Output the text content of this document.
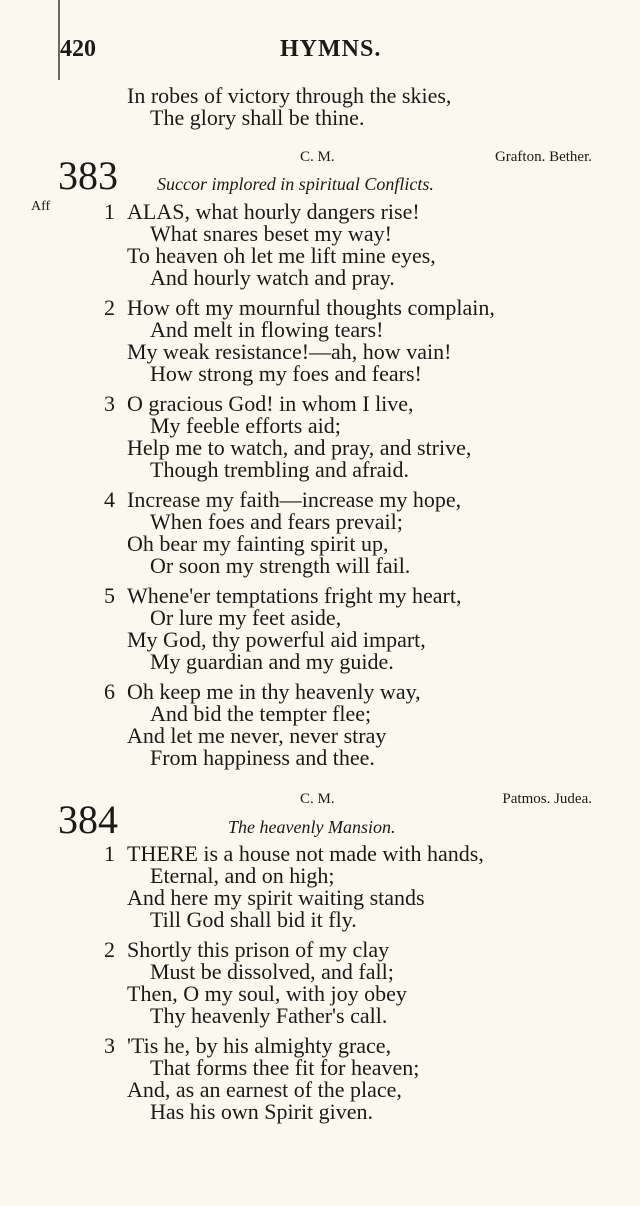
420	HYMNS.
In robes of victory through the skies,
The glory shall be thine.
383	C. M.	Grafton. Bether.
Succor implored in spiritual Conflicts.
Aff 1 ALAS, what hourly dangers rise!
What snares beset my way!
To heaven oh let me lift mine eyes,
And hourly watch and pray.
2 How oft my mournful thoughts complain,
And melt in flowing tears!
My weak resistance!—ah, how vain!
How strong my foes and fears!
3 O gracious God! in whom I live,
My feeble efforts aid;
Help me to watch, and pray, and strive,
Though trembling and afraid.
4 Increase my faith—increase my hope,
When foes and fears prevail;
Oh bear my fainting spirit up,
Or soon my strength will fail.
5 Whene'er temptations fright my heart,
Or lure my feet aside,
My God, thy powerful aid impart,
My guardian and my guide.
6 Oh keep me in thy heavenly way,
And bid the tempter flee;
And let me never, never stray
From happiness and thee.
384	C. M.	Patmos. Judea.
The heavenly Mansion.
1 THERE is a house not made with hands,
Eternal, and on high;
And here my spirit waiting stands
Till God shall bid it fly.
2 Shortly this prison of my clay
Must be dissolved, and fall;
Then, O my soul, with joy obey
Thy heavenly Father's call.
3 'Tis he, by his almighty grace,
That forms thee fit for heaven;
And, as an earnest of the place,
Has his own Spirit given.
